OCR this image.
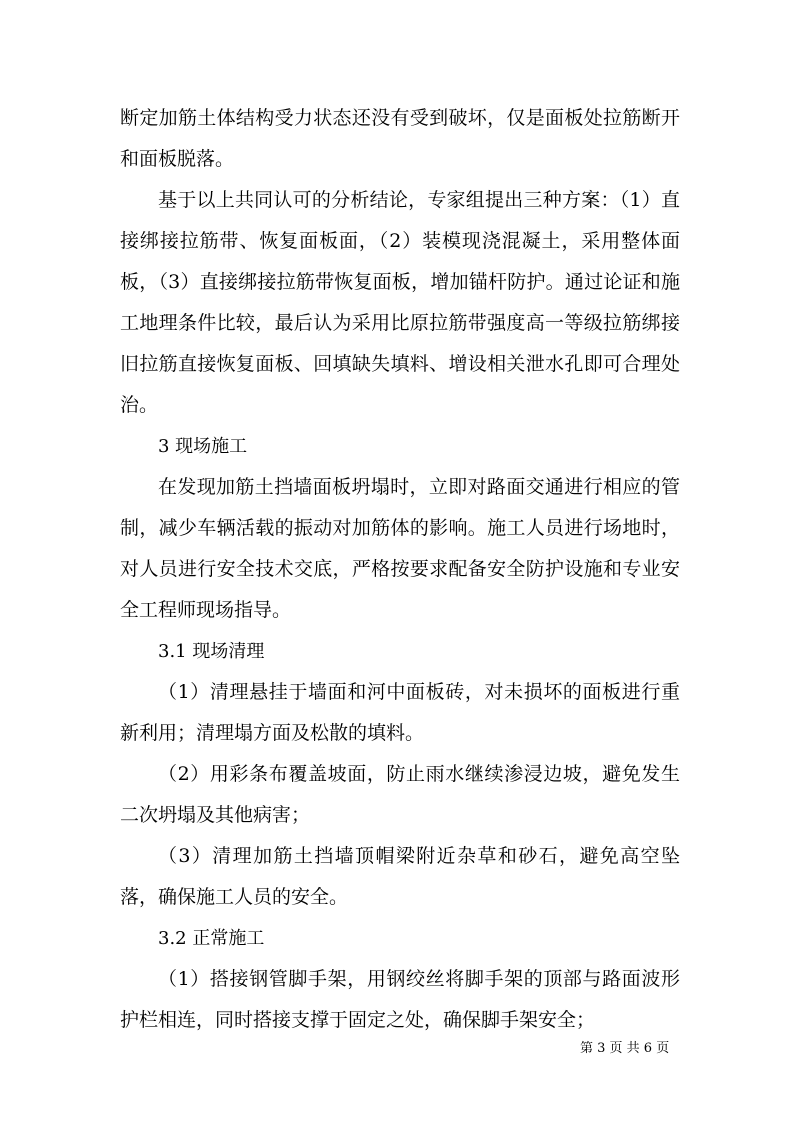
断定加筋土体结构受力状态还没有受到破坏，仅是面板处拉筋断开和面板脱落。

基于以上共同认可的分析结论，专家组提出三种方案：（1）直接绑接拉筋带、恢复面板面，（2）装模现浇混凝土，采用整体面板，（3）直接绑接拉筋带恢复面板，增加锚杆防护。通过论证和施工地理条件比较，最后认为采用比原拉筋带强度高一等级拉筋绑接旧拉筋直接恢复面板、回填缺失填料、增设相关泄水孔即可合理处治。

3 现场施工

在发现加筋土挡墙面板坍塌时，立即对路面交通进行相应的管制，减少车辆活载的振动对加筋体的影响。施工人员进行场地时，对人员进行安全技术交底，严格按要求配备安全防护设施和专业安全工程师现场指导。

3.1 现场清理

（1）清理悬挂于墙面和河中面板砖，对未损坏的面板进行重新利用；清理塌方面及松散的填料。

（2）用彩条布覆盖坡面，防止雨水继续渗浸边坡，避免发生二次坍塌及其他病害；

（3）清理加筋土挡墙顶帽梁附近杂草和砂石，避免高空坠落，确保施工人员的安全。

3.2 正常施工

（1）搭接钢管脚手架，用钢绞丝将脚手架的顶部与路面波形护栏相连，同时搭接支撑于固定之处，确保脚手架安全；

第 3 页 共 6 页
